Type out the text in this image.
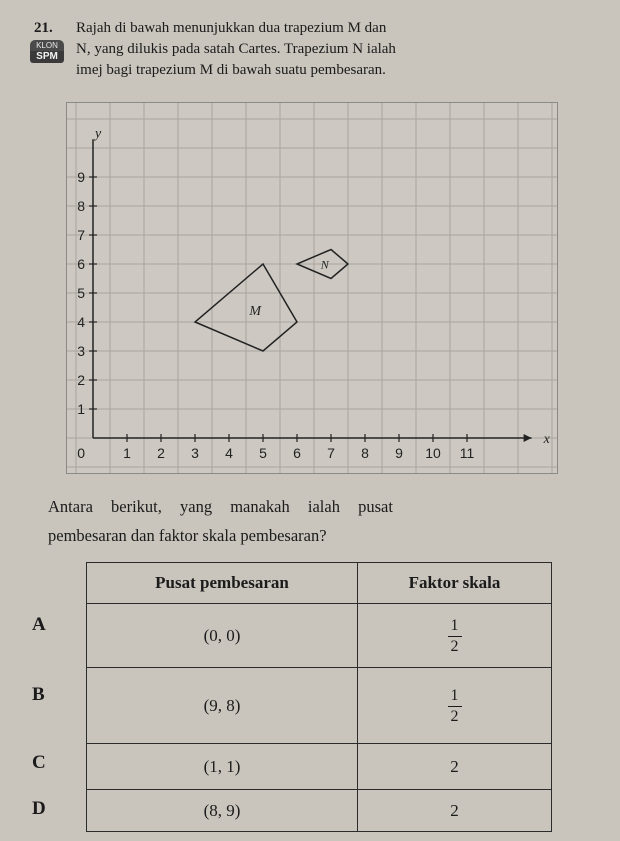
21.
KLON
SPM
Rajah di bawah menunjukkan dua trapezium M dan
N, yang dilukis pada satah Cartes. Trapezium N ialah
imej bagi trapezium M di bawah suatu pembesaran.
1 2 3 4 5 6 7 8 9 10 11
1
2
3
4
5
6
7
8
9
0
x
y
M
N
Antara berikut, yang manakah ialah pusat
pembesaran dan faktor skala pembesaran?
A
B
C
D
Pusat pembesaran	Faktor skala
(0, 0)	$\frac{1}{2}$

(9, 8)	$\frac{1}{2}$

(1, 1)	2
(8, 9)	2
